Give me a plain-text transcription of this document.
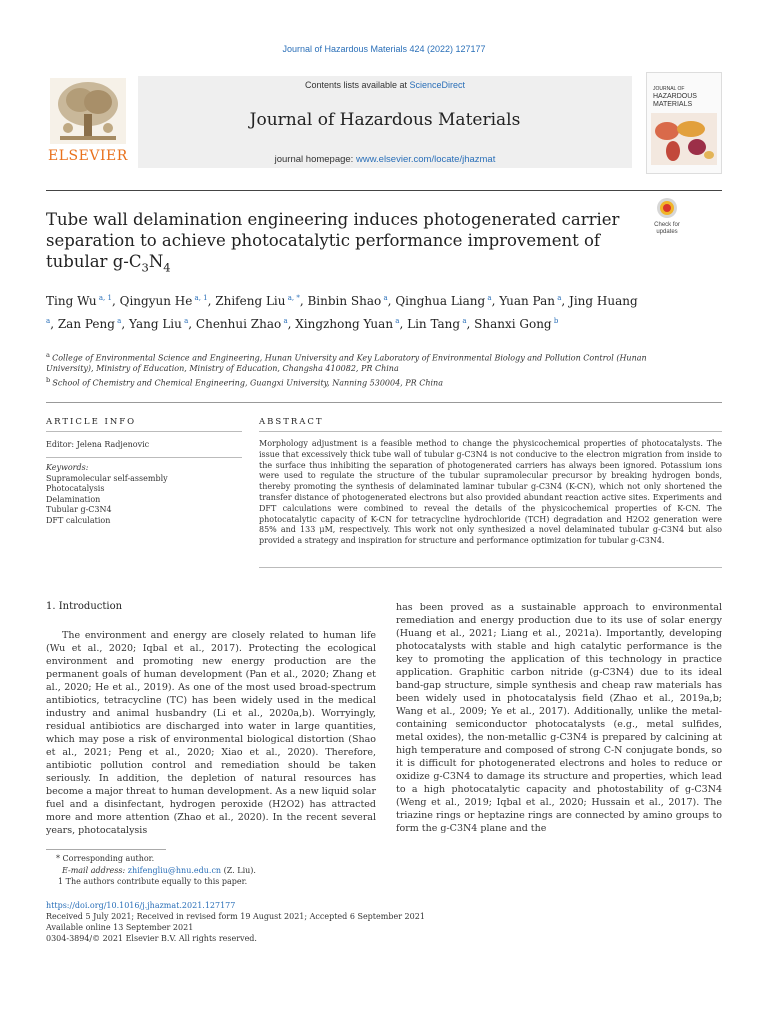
Journal of Hazardous Materials 424 (2022) 127177
ELSEVIER
Contents lists available at ScienceDirect
Journal of Hazardous Materials
journal homepage: www.elsevier.com/locate/jhazmat
JOURNAL OF
HAZARDOUS
MATERIALS
Tube wall delamination engineering induces photogenerated carrier separation to achieve photocatalytic performance improvement of tubular $g-C_3N_4$
Check for
updates
Ting Wu $^{a, 1}$, Qingyun He $^{a, 1}$, Zhifeng Liu $^{a, *}$, Binbin Shao $^a$, Qinghua Liang $^a$, Yuan Pan $^a$, Jing Huang $^a$, Zan Peng $^a$, Yang Liu $^a$, Chenhui Zhao $^a$, Xingzhong Yuan $^a$, Lin Tang $^a$, Shanxi Gong $^b$
$^a$ College of Environmental Science and Engineering, Hunan University and Key Laboratory of Environmental Biology and Pollution Control (Hunan University), Ministry of Education, Ministry of Education, Changsha 410082, PR China
$^b$ School of Chemistry and Chemical Engineering, Guangxi University, Nanning 530004, PR China
ARTICLE INFO	ABSTRACT
Editor: Jelena Radjenovic
Keywords:
Supramolecular self-assembly
Photocatalysis
Delamination
Tubular g-C3N4
DFT calculation
Morphology adjustment is a feasible method to change the physicochemical properties of photocatalysts. The issue that excessively thick tube wall of tubular g-C3N4 is not conducive to the electron migration from inside to the surface thus inhibiting the separation of photogenerated carriers has always been ignored. Potassium ions were used to regulate the structure of the tubular supramolecular precursor by breaking hydrogen bonds, thereby promoting the synthesis of delaminated laminar tubular g-C3N4 (K-CN), which not only shortened the transfer distance of photogenerated electrons but also provided abundant reaction active sites. Experiments and DFT calculations were combined to reveal the details of the physicochemical properties of K-CN. The photocatalytic capacity of K-CN for tetracycline hydrochloride (TCH) degradation and H2O2 generation were 85% and 133 μM, respectively. This work not only synthesized a novel delaminated tubular g-C3N4 but also provided a strategy and inspiration for structure and performance optimization for tubular g-C3N4.
1. Introduction

The environment and energy are closely related to human life (Wu et al., 2020; Iqbal et al., 2017). Protecting the ecological environment and promoting new energy production are the permanent goals of human development (Pan et al., 2020; Zhang et al., 2020; He et al., 2019). As one of the most used broad-spectrum antibiotics, tetracycline (TC) has been widely used in the medical industry and animal husbandry (Li et al., 2020a,b). Worryingly, residual antibiotics are discharged into water in large quantities, which may pose a risk of environmental biological distortion (Shao et al., 2021; Peng et al., 2020; Xiao et al., 2020). Therefore, antibiotic pollution control and remediation should be taken seriously. In addition, the depletion of natural resources has become a major threat to human development. As a new liquid solar fuel and a disinfectant, hydrogen peroxide (H2O2) has attracted more and more attention (Zhao et al., 2020). In the recent several years, photocatalysis

has been proved as a sustainable approach to environmental remediation and energy production due to its use of solar energy (Huang et al., 2021; Liang et al., 2021a). Importantly, developing photocatalysts with stable and high catalytic performance is the key to promoting the application of this technology in practice application. Graphitic carbon nitride (g-C3N4) due to its ideal band-gap structure, simple synthesis and cheap raw materials has been widely used in photocatalysis field (Zhao et al., 2019a,b; Wang et al., 2009; Ye et al., 2017). Additionally, unlike the metal-containing semiconductor photocatalysts (e.g., metal sulfides, metal oxides), the non-metallic g-C3N4 is prepared by calcining at high temperature and composed of strong C-N conjugate bonds, so it is difficult for photogenerated electrons and holes to reduce or oxidize g-C3N4 to damage its structure and properties, which lead to a high photocatalytic capacity and photostability of g-C3N4 (Weng et al., 2019; Iqbal et al., 2020; Hussain et al., 2017). The triazine rings or heptazine rings are connected by amino groups to form the g-C3N4 plane and the

* Corresponding author.
E-mail address: zhifengliu@hnu.edu.cn (Z. Liu).
1 The authors contribute equally to this paper.
https://doi.org/10.1016/j.jhazmat.2021.127177
Received 5 July 2021; Received in revised form 19 August 2021; Accepted 6 September 2021
Available online 13 September 2021
0304-3894/© 2021 Elsevier B.V. All rights reserved.
